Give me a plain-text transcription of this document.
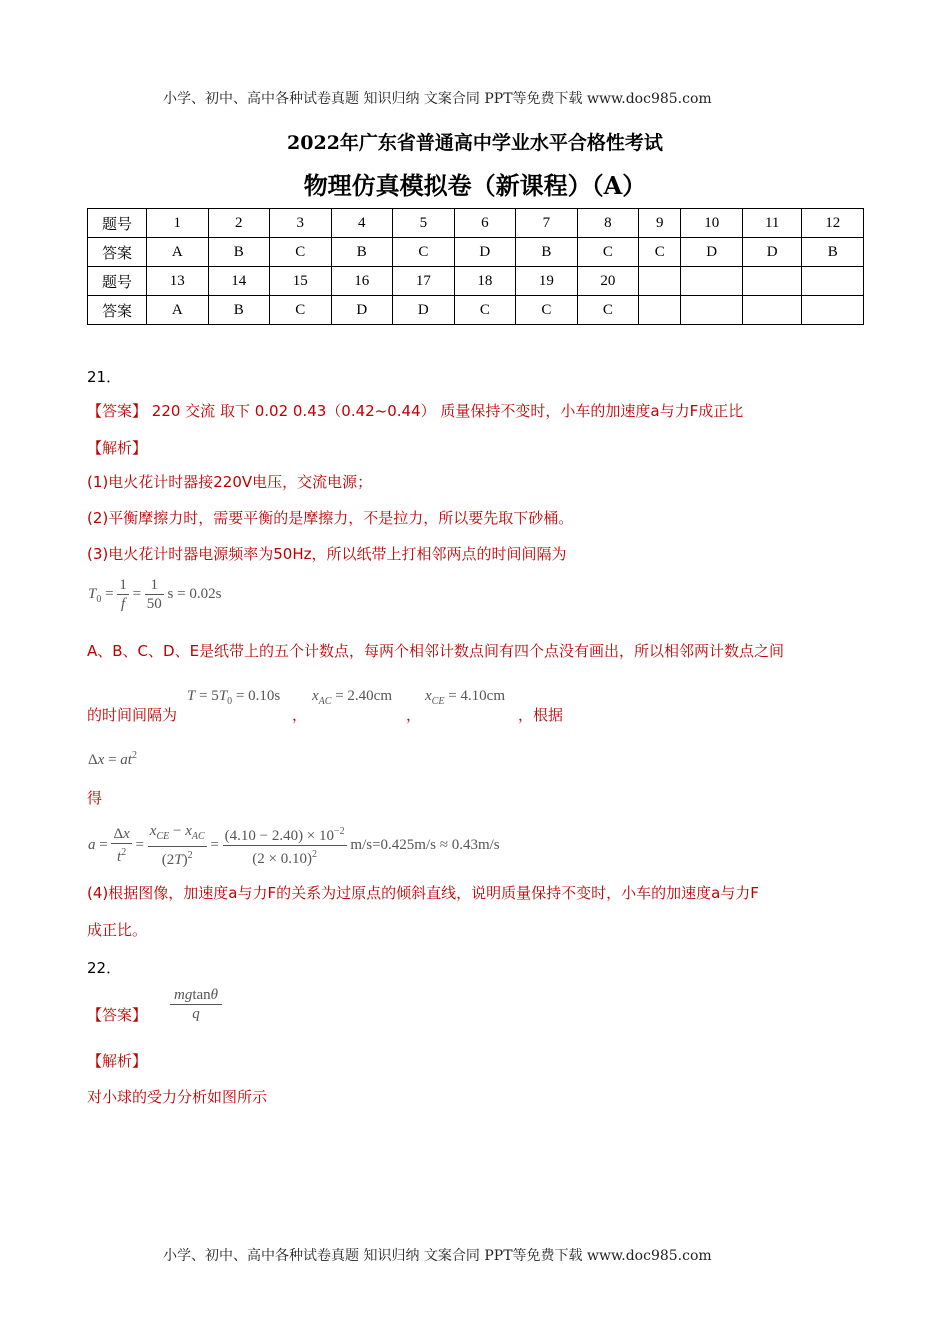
小学、初中、高中各种试卷真题 知识归纳 文案合同 PPT等免费下载 www.doc985.com
2022年广东省普通高中学业水平合格性考试
物理仿真模拟卷（新课程）（A）
题号	1	2	3	4	5	6	7	8	9	10	11	12
答案	A	B	C	B	C	D	B	C	C	D	D	B
题号	13	14	15	16	17	18	19	20				
答案	A	B	C	D	D	C	C	C				
21．
【答案】 220 交流 取下 0.02 0.43（0.42~0.44） 质量保持不变时，小车的加速度a与力F成正比
【解析】
(1)电火花计时器接220V电压，交流电源；
(2)平衡摩擦力时，需要平衡的是摩擦力，不是拉力，所以要先取下砂桶。
(3)电火花计时器电源频率为50Hz，所以纸带上打相邻两点的时间间隔为
$T_0 = \frac{1}{f} = \frac{1}{50}$ s = 0.02s
A、B、C、D、E是纸带上的五个计数点，每两个相邻计数点间有四个点没有画出，所以相邻两计数点之间
$T = 5T_0 = 0.10s$ $x_{AC} = 2.40cm$ $x_{CE} = 4.10cm$
的时间间隔为	，	，	，根据
$\Delta x = at^2$
得
$a = \frac{\Delta x}{t^2} = \frac{x_{CE} - x_{AC}}{(2T)^2} = \frac{(4.10 - 2.40) \times 10^{-2}}{(2 \times 0.10)^2} m/s=0.425m/s \approx 0.43m/s$
(4)根据图像，加速度a与力F的关系为过原点的倾斜直线，说明质量保持不变时，小车的加速度a与力F
成正比。
22．
【答案】 $\frac{mgtan\theta}{q}$
【解析】
对小球的受力分析如图所示
小学、初中、高中各种试卷真题 知识归纳 文案合同 PPT等免费下载 www.doc985.com
